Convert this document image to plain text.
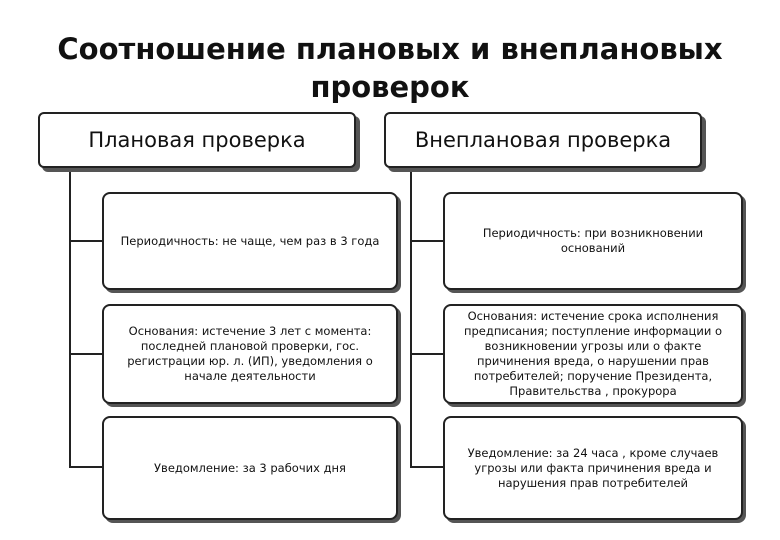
Соотношение плановых и внеплановых
проверок
Плановая проверка	Внеплановая проверка
Периодичность: не чаще, чем раз в 3 года
Основания: истечение 3 лет с момента: последней плановой проверки, гос. регистрации юр. л. (ИП), уведомления о начале деятельности
Уведомление: за 3 рабочих дня
Периодичность: при возникновении оснований
Основания: истечение срока исполнения предписания; поступление информации о возникновении угрозы или о факте причинения вреда, о нарушении прав потребителей; поручение Президента, Правительства , прокурора
Уведомление: за 24 часа , кроме случаев угрозы или факта причинения вреда и нарушения прав потребителей
